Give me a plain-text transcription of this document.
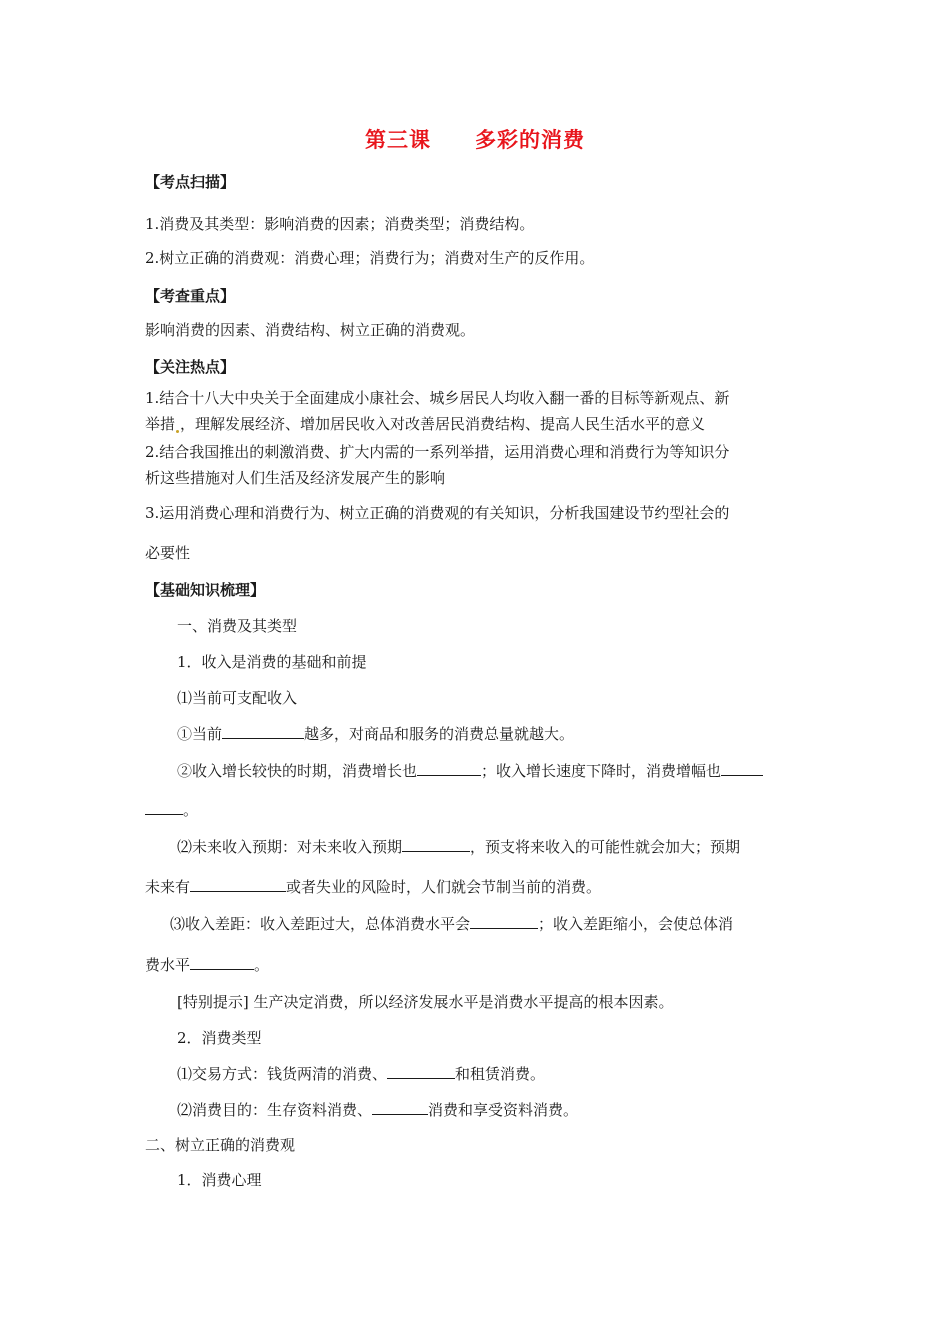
第三课 多彩的消费
【考点扫描】
1.消费及其类型：影响消费的因素；消费类型；消费结构。
2.树立正确的消费观：消费心理；消费行为；消费对生产的反作用。
【考查重点】
影响消费的因素、消费结构、树立正确的消费观。
【关注热点】
1.结合十八大中央关于全面建成小康社会、城乡居民人均收入翻一番的目标等新观点、新
举措 ，理解发展经济、增加居民收入对改善居民消费结构、提高人民生活水平的意义
2.结合我国推出的刺激消费、扩大内需的一系列举措，运用消费心理和消费行为等知识分
析这些措施对人们生活及经济发展产生的影响
3.运用消费心理和消费行为、树立正确的消费观的有关知识，分析我国建设节约型社会的
必要性
【基础知识梳理】
一、消费及其类型
1．收入是消费的基础和前提
⑴当前可支配收入
①当前	越多，对商品和服务的消费总量就越大。
②收入增长较快的时期，消费增长也	；收入增长速度下降时，消费增幅也
。
⑵未来收入预期：对未来收入预期	，预支将来收入的可能性就会加大；预期
未来有	或者失业的风险时，人们就会节制当前的消费。
⑶收入差距：收入差距过大，总体消费水平会	；收入差距缩小，会使总体消
费水平	。
[特别提示] 生产决定消费，所以经济发展水平是消费水平提高的根本因素。
2．消费类型
⑴交易方式：钱货两清的消费、	和租赁消费。
⑵消费目的：生存资料消费、	消费和享受资料消费。
二、树立正确的消费观
1．消费心理
